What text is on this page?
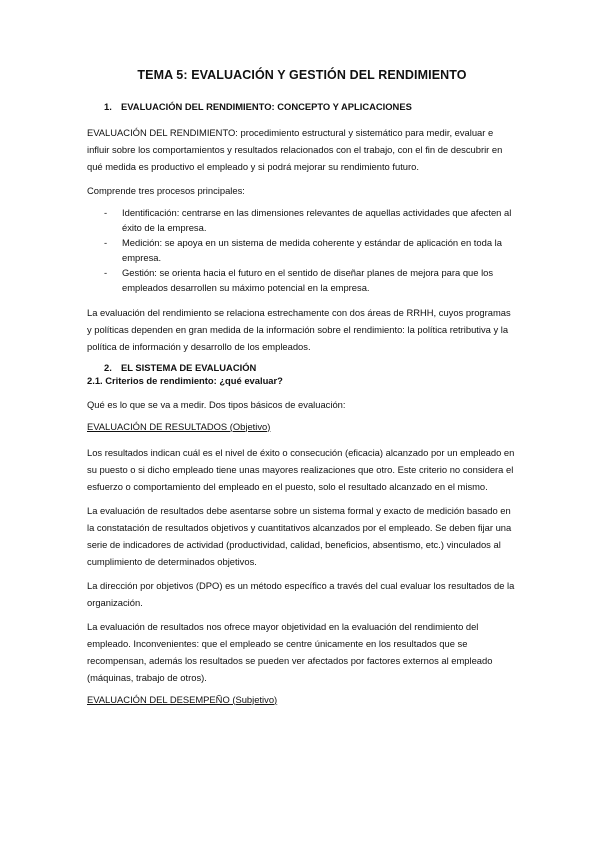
TEMA 5: EVALUACIÓN Y GESTIÓN DEL RENDIMIENTO
1. EVALUACIÓN DEL RENDIMIENTO: CONCEPTO Y APLICACIONES

EVALUACIÓN DEL RENDIMIENTO: procedimiento estructural y sistemático para medir, evaluar e influir sobre los comportamientos y resultados relacionados con el trabajo, con el fin de descubrir en qué medida es productivo el empleado y si podrá mejorar su rendimiento futuro.

Comprende tres procesos principales:

- Identificación: centrarse en las dimensiones relevantes de aquellas actividades que afecten al éxito de la empresa.
- Medición: se apoya en un sistema de medida coherente y estándar de aplicación en toda la empresa.
- Gestión: se orienta hacia el futuro en el sentido de diseñar planes de mejora para que los empleados desarrollen su máximo potencial en la empresa.

La evaluación del rendimiento se relaciona estrechamente con dos áreas de RRHH, cuyos programas y políticas dependen en gran medida de la información sobre el rendimiento: la política retributiva y la política de información y desarrollo de los empleados.

2. EL SISTEMA DE EVALUACIÓN
2.1. Criterios de rendimiento: ¿qué evaluar?

Qué es lo que se va a medir. Dos tipos básicos de evaluación:

EVALUACIÓN DE RESULTADOS (Objetivo)

Los resultados indican cuál es el nivel de éxito o consecución (eficacia) alcanzado por un empleado en su puesto o si dicho empleado tiene unas mayores realizaciones que otro. Este criterio no considera el esfuerzo o comportamiento del empleado en el puesto, solo el resultado alcanzado en el mismo.

La evaluación de resultados debe asentarse sobre un sistema formal y exacto de medición basado en la constatación de resultados objetivos y cuantitativos alcanzados por el empleado. Se deben fijar una serie de indicadores de actividad (productividad, calidad, beneficios, absentismo, etc.) vinculados al cumplimiento de determinados objetivos.

La dirección por objetivos (DPO) es un método específico a través del cual evaluar los resultados de la organización.

La evaluación de resultados nos ofrece mayor objetividad en la evaluación del rendimiento del empleado. Inconvenientes: que el empleado se centre únicamente en los resultados que se recompensan, además los resultados se pueden ver afectados por factores externos al empleado (máquinas, trabajo de otros).

EVALUACIÓN DEL DESEMPEÑO (Subjetivo)
